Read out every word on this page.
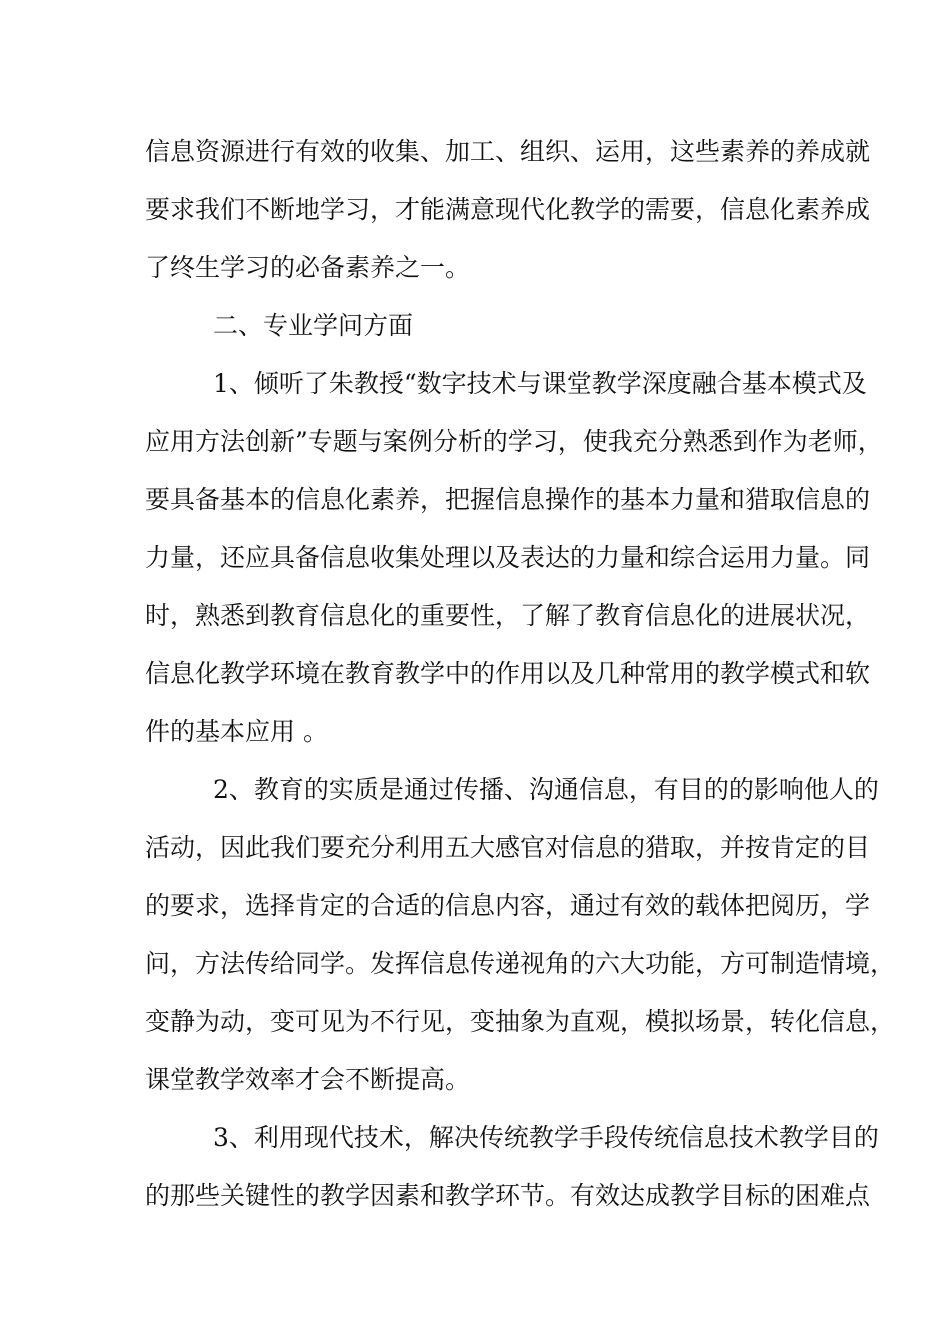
信息资源进行有效的收集、加工、组织、运用，这些素养的养成就
要求我们不断地学习，才能满意现代化教学的需要，信息化素养成
了终生学习的必备素养之一。
二、专业学问方面
1、倾听了朱教授“数字技术与课堂教学深度融合基本模式及
应用方法创新”专题与案例分析的学习，使我充分熟悉到作为老师，
要具备基本的信息化素养，把握信息操作的基本力量和猎取信息的
力量，还应具备信息收集处理以及表达的力量和综合运用力量。同
时，熟悉到教育信息化的重要性，了解了教育信息化的进展状况，
信息化教学环境在教育教学中的作用以及几种常用的教学模式和软
件的基本应用 。
2、教育的实质是通过传播、沟通信息，有目的的影响他人的
活动，因此我们要充分利用五大感官对信息的猎取，并按肯定的目
的要求，选择肯定的合适的信息内容，通过有效的载体把阅历，学
问，方法传给同学。发挥信息传递视角的六大功能，方可制造情境，
变静为动，变可见为不行见，变抽象为直观，模拟场景，转化信息，
课堂教学效率才会不断提高。
3、利用现代技术，解决传统教学手段传统信息技术教学目的
的那些关键性的教学因素和教学环节。有效达成教学目标的困难点
